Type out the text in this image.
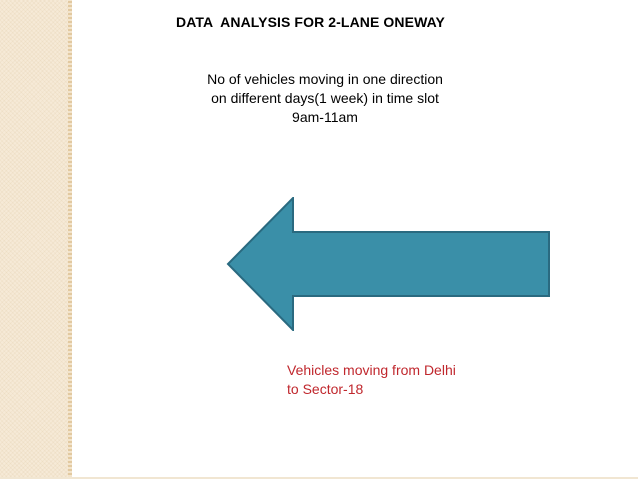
DATA  ANALYSIS FOR 2-LANE ONEWAY
No of vehicles moving in one direction
on different days(1 week) in time slot
9am-11am
Vehicles moving from Delhi
to Sector-18
